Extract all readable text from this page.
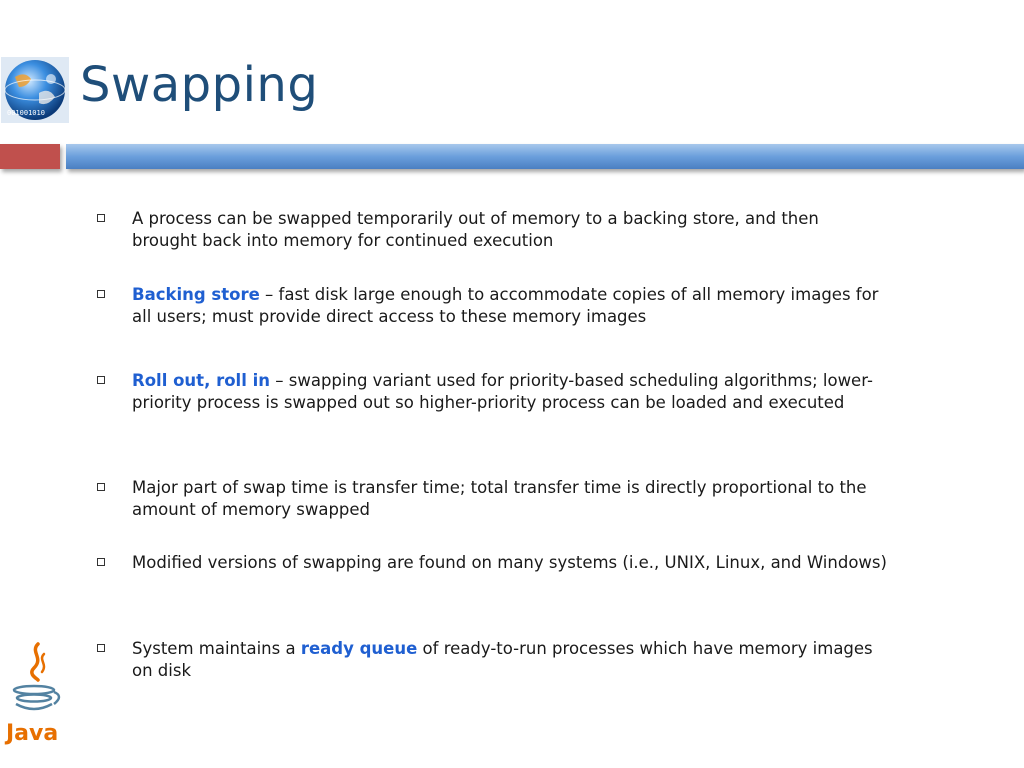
001001010 Swapping
A process can be swapped temporarily out of memory to a backing store, and then brought back into memory for continued execution
Backing store – fast disk large enough to accommodate copies of all memory images for all users; must provide direct access to these memory images
Roll out, roll in – swapping variant used for priority-based scheduling algorithms; lower-priority process is swapped out so higher-priority process can be loaded and executed
Major part of swap time is transfer time; total transfer time is directly proportional to the amount of memory swapped
Modified versions of swapping are found on many systems (i.e., UNIX, Linux, and Windows)
System maintains a ready queue of ready-to-run processes which have memory images on disk
Java
